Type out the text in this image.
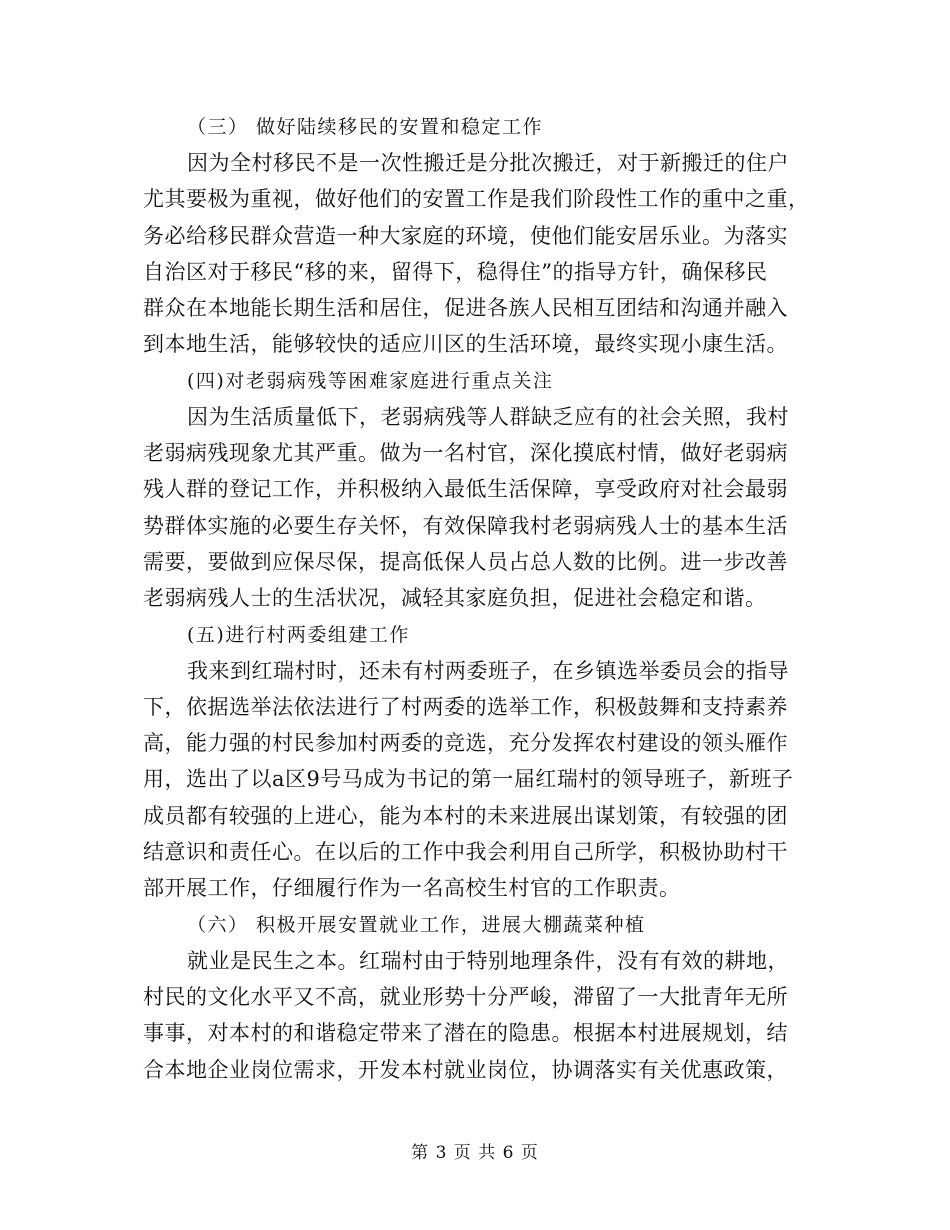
（三） 做好陆续移民的安置和稳定工作
因为全村移民不是一次性搬迁是分批次搬迁，对于新搬迁的住户
尤其要极为重视，做好他们的安置工作是我们阶段性工作的重中之重，
务必给移民群众营造一种大家庭的环境，使他们能安居乐业。为落实
自治区对于移民“移的来，留得下，稳得住”的指导方针，确保移民
群众在本地能长期生活和居住，促进各族人民相互团结和沟通并融入
到本地生活，能够较快的适应川区的生活环境，最终实现小康生活。
(四)对老弱病残等困难家庭进行重点关注
因为生活质量低下，老弱病残等人群缺乏应有的社会关照，我村
老弱病残现象尤其严重。做为一名村官，深化摸底村情，做好老弱病
残人群的登记工作，并积极纳入最低生活保障，享受政府对社会最弱
势群体实施的必要生存关怀，有效保障我村老弱病残人士的基本生活
需要，要做到应保尽保，提高低保人员占总人数的比例。进一步改善
老弱病残人士的生活状况，减轻其家庭负担，促进社会稳定和谐。
(五)进行村两委组建工作
我来到红瑞村时，还未有村两委班子，在乡镇选举委员会的指导
下，依据选举法依法进行了村两委的选举工作，积极鼓舞和支持素养
高，能力强的村民参加村两委的竞选，充分发挥农村建设的领头雁作
用，选出了以a区9号马成为书记的第一届红瑞村的领导班子，新班子
成员都有较强的上进心，能为本村的未来进展出谋划策，有较强的团
结意识和责任心。在以后的工作中我会利用自己所学，积极协助村干
部开展工作，仔细履行作为一名高校生村官的工作职责。
（六） 积极开展安置就业工作，进展大棚蔬菜种植
就业是民生之本。红瑞村由于特别地理条件，没有有效的耕地，
村民的文化水平又不高，就业形势十分严峻，滞留了一大批青年无所
事事，对本村的和谐稳定带来了潜在的隐患。根据本村进展规划，结
合本地企业岗位需求，开发本村就业岗位，协调落实有关优惠政策，
第 3 页 共 6 页
